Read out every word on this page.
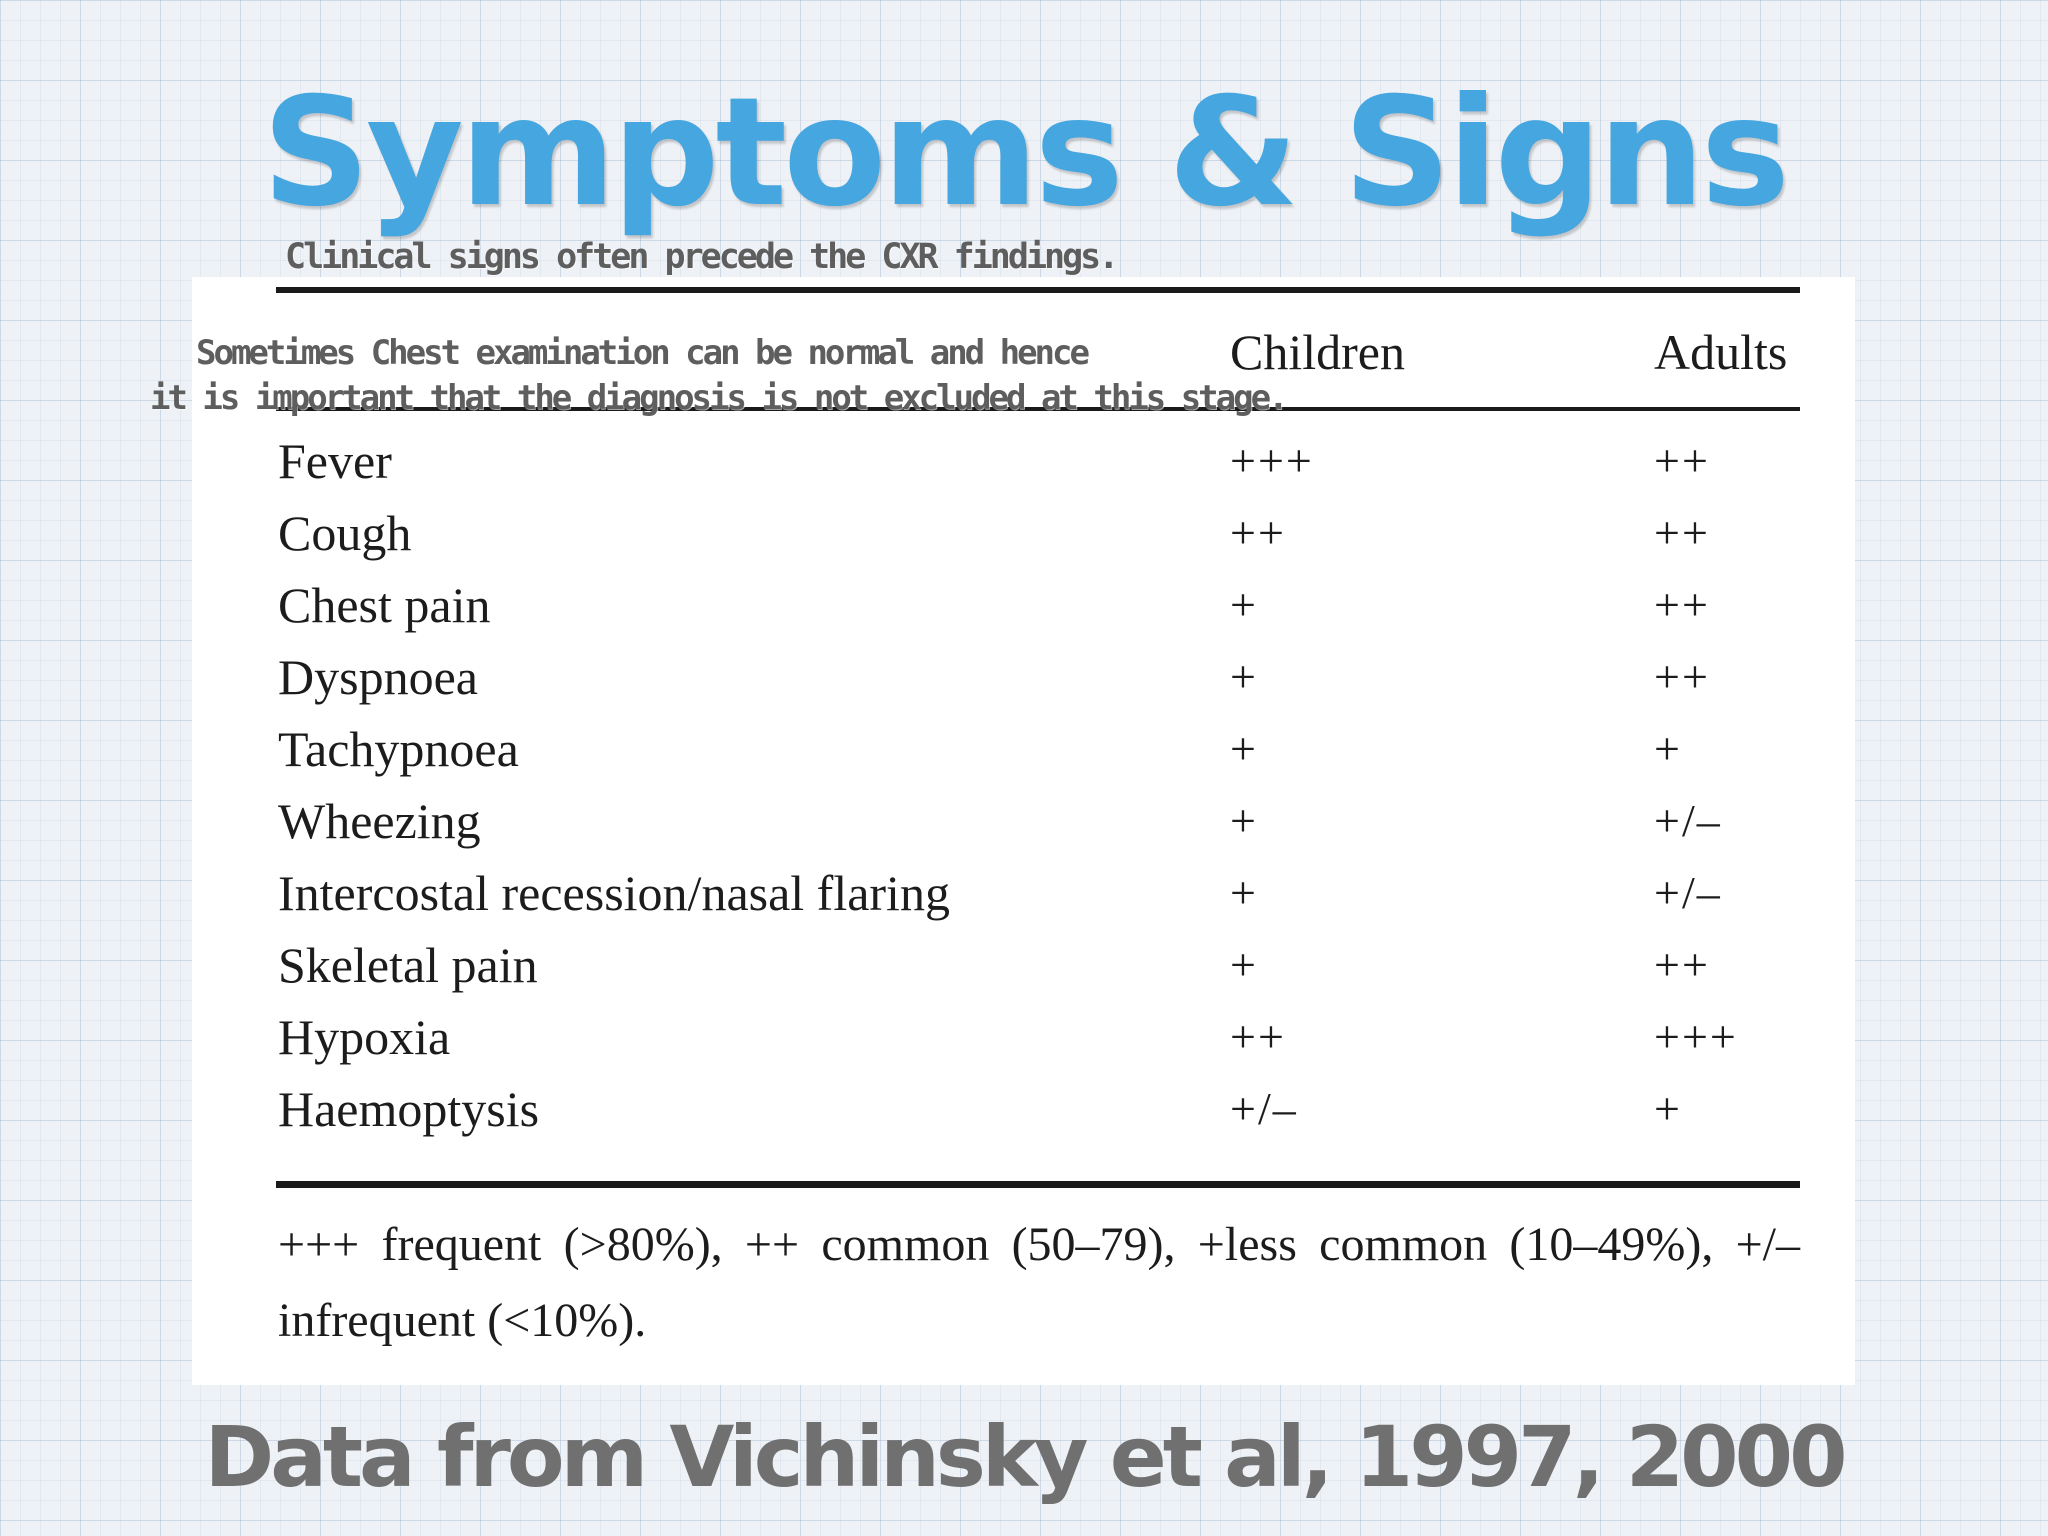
Symptoms & Signs
Children	Adults
Fever	+++	++
Cough	++	++
Chest pain	+	++
Dyspnoea	+	++
Tachypnoea	+	+
Wheezing	+	+/–
Intercostal recession/nasal flaring	+	+/–
Skeletal pain	+	++
Hypoxia	++	+++
Haemoptysis	+/–	+
+++ frequent (>80%), ++ common (50–79), +less common (10–49%), +/– infrequent (<10%).
Clinical signs often precede the CXR findings.
Sometimes Chest examination can be normal and hence
it is important that the diagnosis is not excluded at this stage.
Data from Vichinsky et al, 1997, 2000
